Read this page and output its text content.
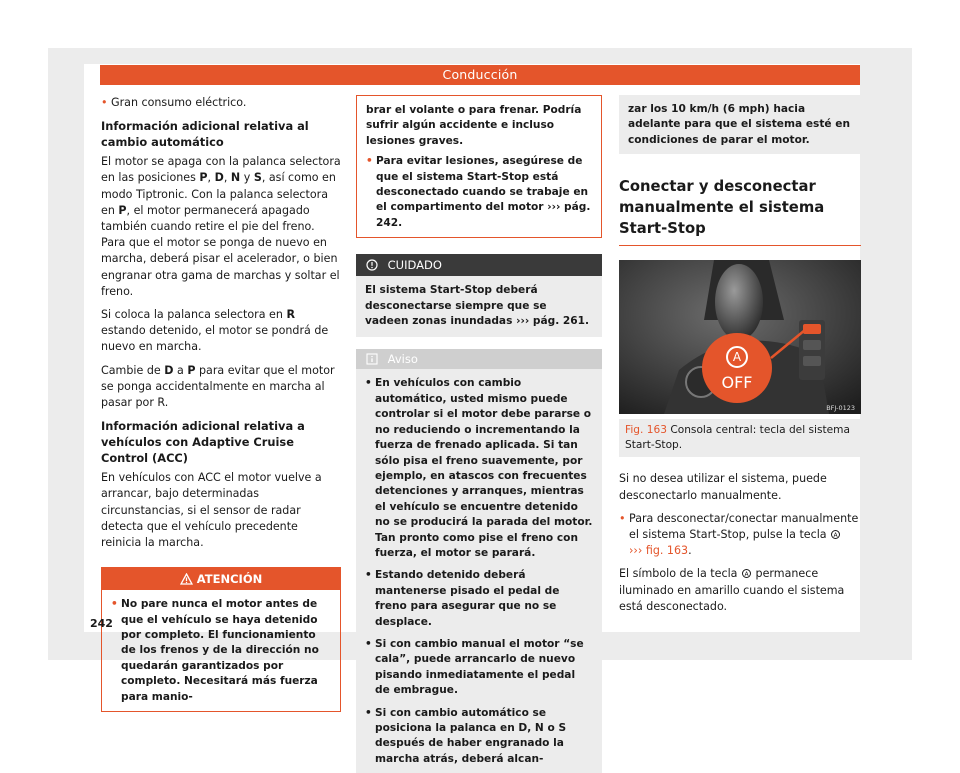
Conducción

• Gran consumo eléctrico.

Información adicional relativa al cambio automático

El motor se apaga con la palanca selectora en las posiciones P, D, N y S, así como en modo Tiptronic. Con la palanca selectora en P, el motor permanecerá apagado también cuando retire el pie del freno. Para que el motor se ponga de nuevo en marcha, deberá pisar el acelerador, o bien engranar otra gama de marchas y soltar el freno.

Si coloca la palanca selectora en R estando detenido, el motor se pondrá de nuevo en marcha.

Cambie de D a P para evitar que el motor se ponga accidentalmente en marcha al pasar por R.

Información adicional relativa a vehículos con Adaptive Cruise Control (ACC)

En vehículos con ACC el motor vuelve a arrancar, bajo determinadas circunstancias, si el sensor de radar detecta que el vehículo precedente reinicia la marcha.

ATENCIÓN

• No pare nunca el motor antes de que el vehículo se haya detenido por completo. El funcionamiento de los frenos y de la dirección no quedarán garantizados por completo. Necesitará más fuerza para manio-

brar el volante o para frenar. Podría sufrir algún accidente e incluso lesiones graves.

• Para evitar lesiones, asegúrese de que el sistema Start-Stop está desconectado cuando se trabaje en el compartimento del motor ››› pág. 242.

CUIDADO
El sistema Start-Stop deberá desconectarse siempre que se vadeen zonas inundadas ››› pág. 261.
Aviso

• En vehículos con cambio automático, usted mismo puede controlar si el motor debe pararse o no reduciendo o incrementando la fuerza de frenado aplicada. Si tan sólo pisa el freno suavemente, por ejemplo, en atascos con frecuentes detenciones y arranques, mientras el vehículo se encuentre detenido no se producirá la parada del motor. Tan pronto como pise el freno con fuerza, el motor se parará.

• Estando detenido deberá mantenerse pisado el pedal de freno para asegurar que no se desplace.

• Si con cambio manual el motor “se cala”, puede arrancarlo de nuevo pisando inmediatamente el pedal de embrague.

• Si con cambio automático se posiciona la palanca en D, N o S después de haber engranado la marcha atrás, deberá alcan-

zar los 10 km/h (6 mph) hacia adelante para que el sistema esté en condiciones de parar el motor.
Conectar y desconectar manualmente el sistema Start-Stop
A
OFF
BFJ-0123
Fig. 163 Consola central: tecla del sistema Start-Stop.

Si no desea utilizar el sistema, puede desconectarlo manualmente.

• Para desconectar/conectar manualmente el sistema Start-Stop, pulse la tecla A

››› fig. 163.

El símbolo de la tecla A permanece iluminado en amarillo cuando el sistema está desconectado.

242
